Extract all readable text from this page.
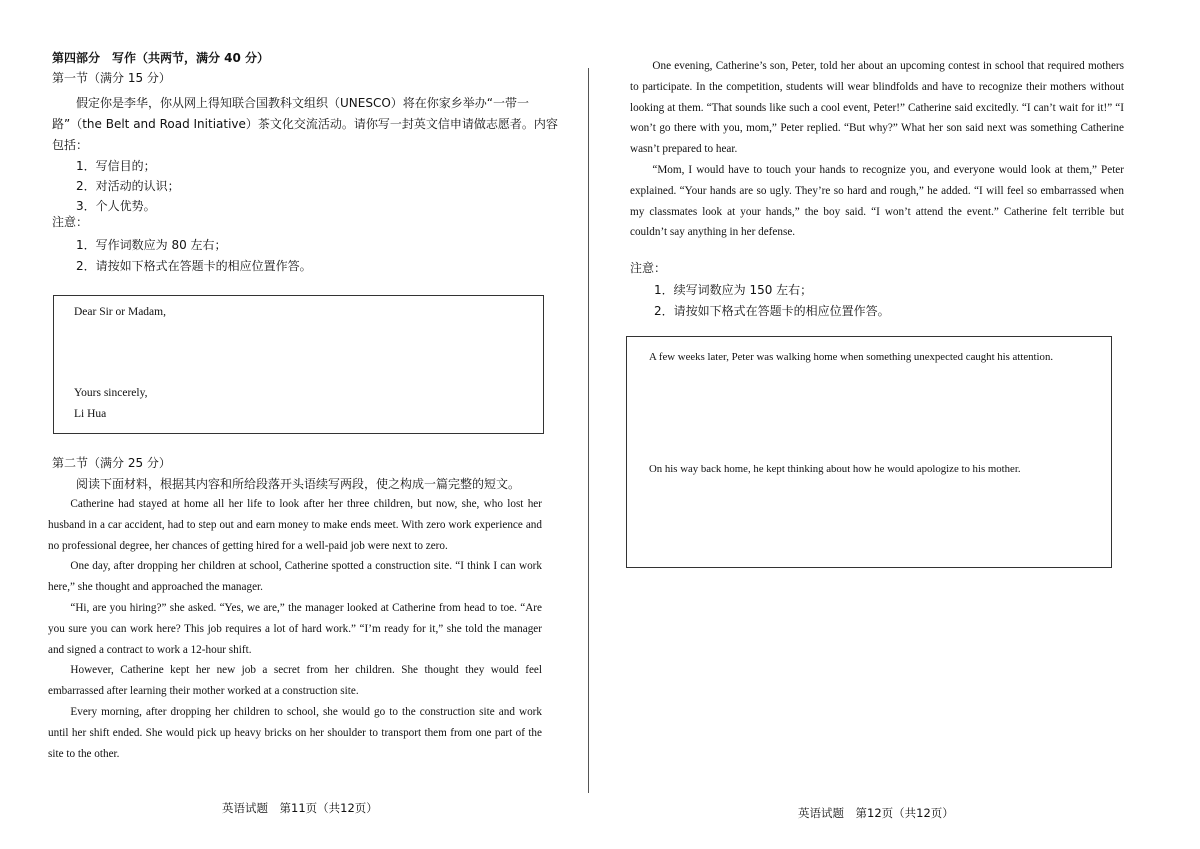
第四部分　写作（共两节，满分 40 分）
第一节（满分 15 分）
假定你是李华，你从网上得知联合国教科文组织（UNESCO）将在你家乡举办“一带一
路”（the Belt and Road Initiative）茶文化交流活动。请你写一封英文信申请做志愿者。内容
包括：
1．写信目的；
2．对活动的认识；
3．个人优势。
注意：
1．写作词数应为 80 左右；
2．请按如下格式在答题卡的相应位置作答。
Dear Sir or Madam,
Yours sincerely,
Li Hua
第二节（满分 25 分）
阅读下面材料，根据其内容和所给段落开头语续写两段，使之构成一篇完整的短文。

Catherine had stayed at home all her life to look after her three children, but now, she, who lost her husband in a car accident, had to step out and earn money to make ends meet. With zero work experience and no professional degree, her chances of getting hired for a well-paid job were next to zero.

One day, after dropping her children at school, Catherine spotted a construction site. “I think I can work here,” she thought and approached the manager.

“Hi, are you hiring?” she asked. “Yes, we are,” the manager looked at Catherine from head to toe. “Are you sure you can work here? This job requires a lot of hard work.” “I’m ready for it,” she told the manager and signed a contract to work a 12-hour shift.

However, Catherine kept her new job a secret from her children. She thought they would feel embarrassed after learning their mother worked at a construction site.

Every morning, after dropping her children to school, she would go to the construction site and work until her shift ended. She would pick up heavy bricks on her shoulder to transport them from one part of the site to the other.

英语试题　第11页（共12页）

One evening, Catherine’s son, Peter, told her about an upcoming contest in school that required mothers to participate. In the competition, students will wear blindfolds and have to recognize their mothers without looking at them. “That sounds like such a cool event, Peter!” Catherine said excitedly. “I can’t wait for it!” “I won’t go there with you, mom,” Peter replied. “But why?” What her son said next was something Catherine wasn’t prepared to hear.

“Mom, I would have to touch your hands to recognize you, and everyone would look at them,” Peter explained. “Your hands are so ugly. They’re so hard and rough,” he added. “I will feel so embarrassed when my classmates look at your hands,” the boy said. “I won’t attend the event.” Catherine felt terrible but couldn’t say anything in her defense.

注意：
1．续写词数应为 150 左右；
2．请按如下格式在答题卡的相应位置作答。
A few weeks later, Peter was walking home when something unexpected caught his attention.
On his way back home, he kept thinking about how he would apologize to his mother.
英语试题　第12页（共12页）
